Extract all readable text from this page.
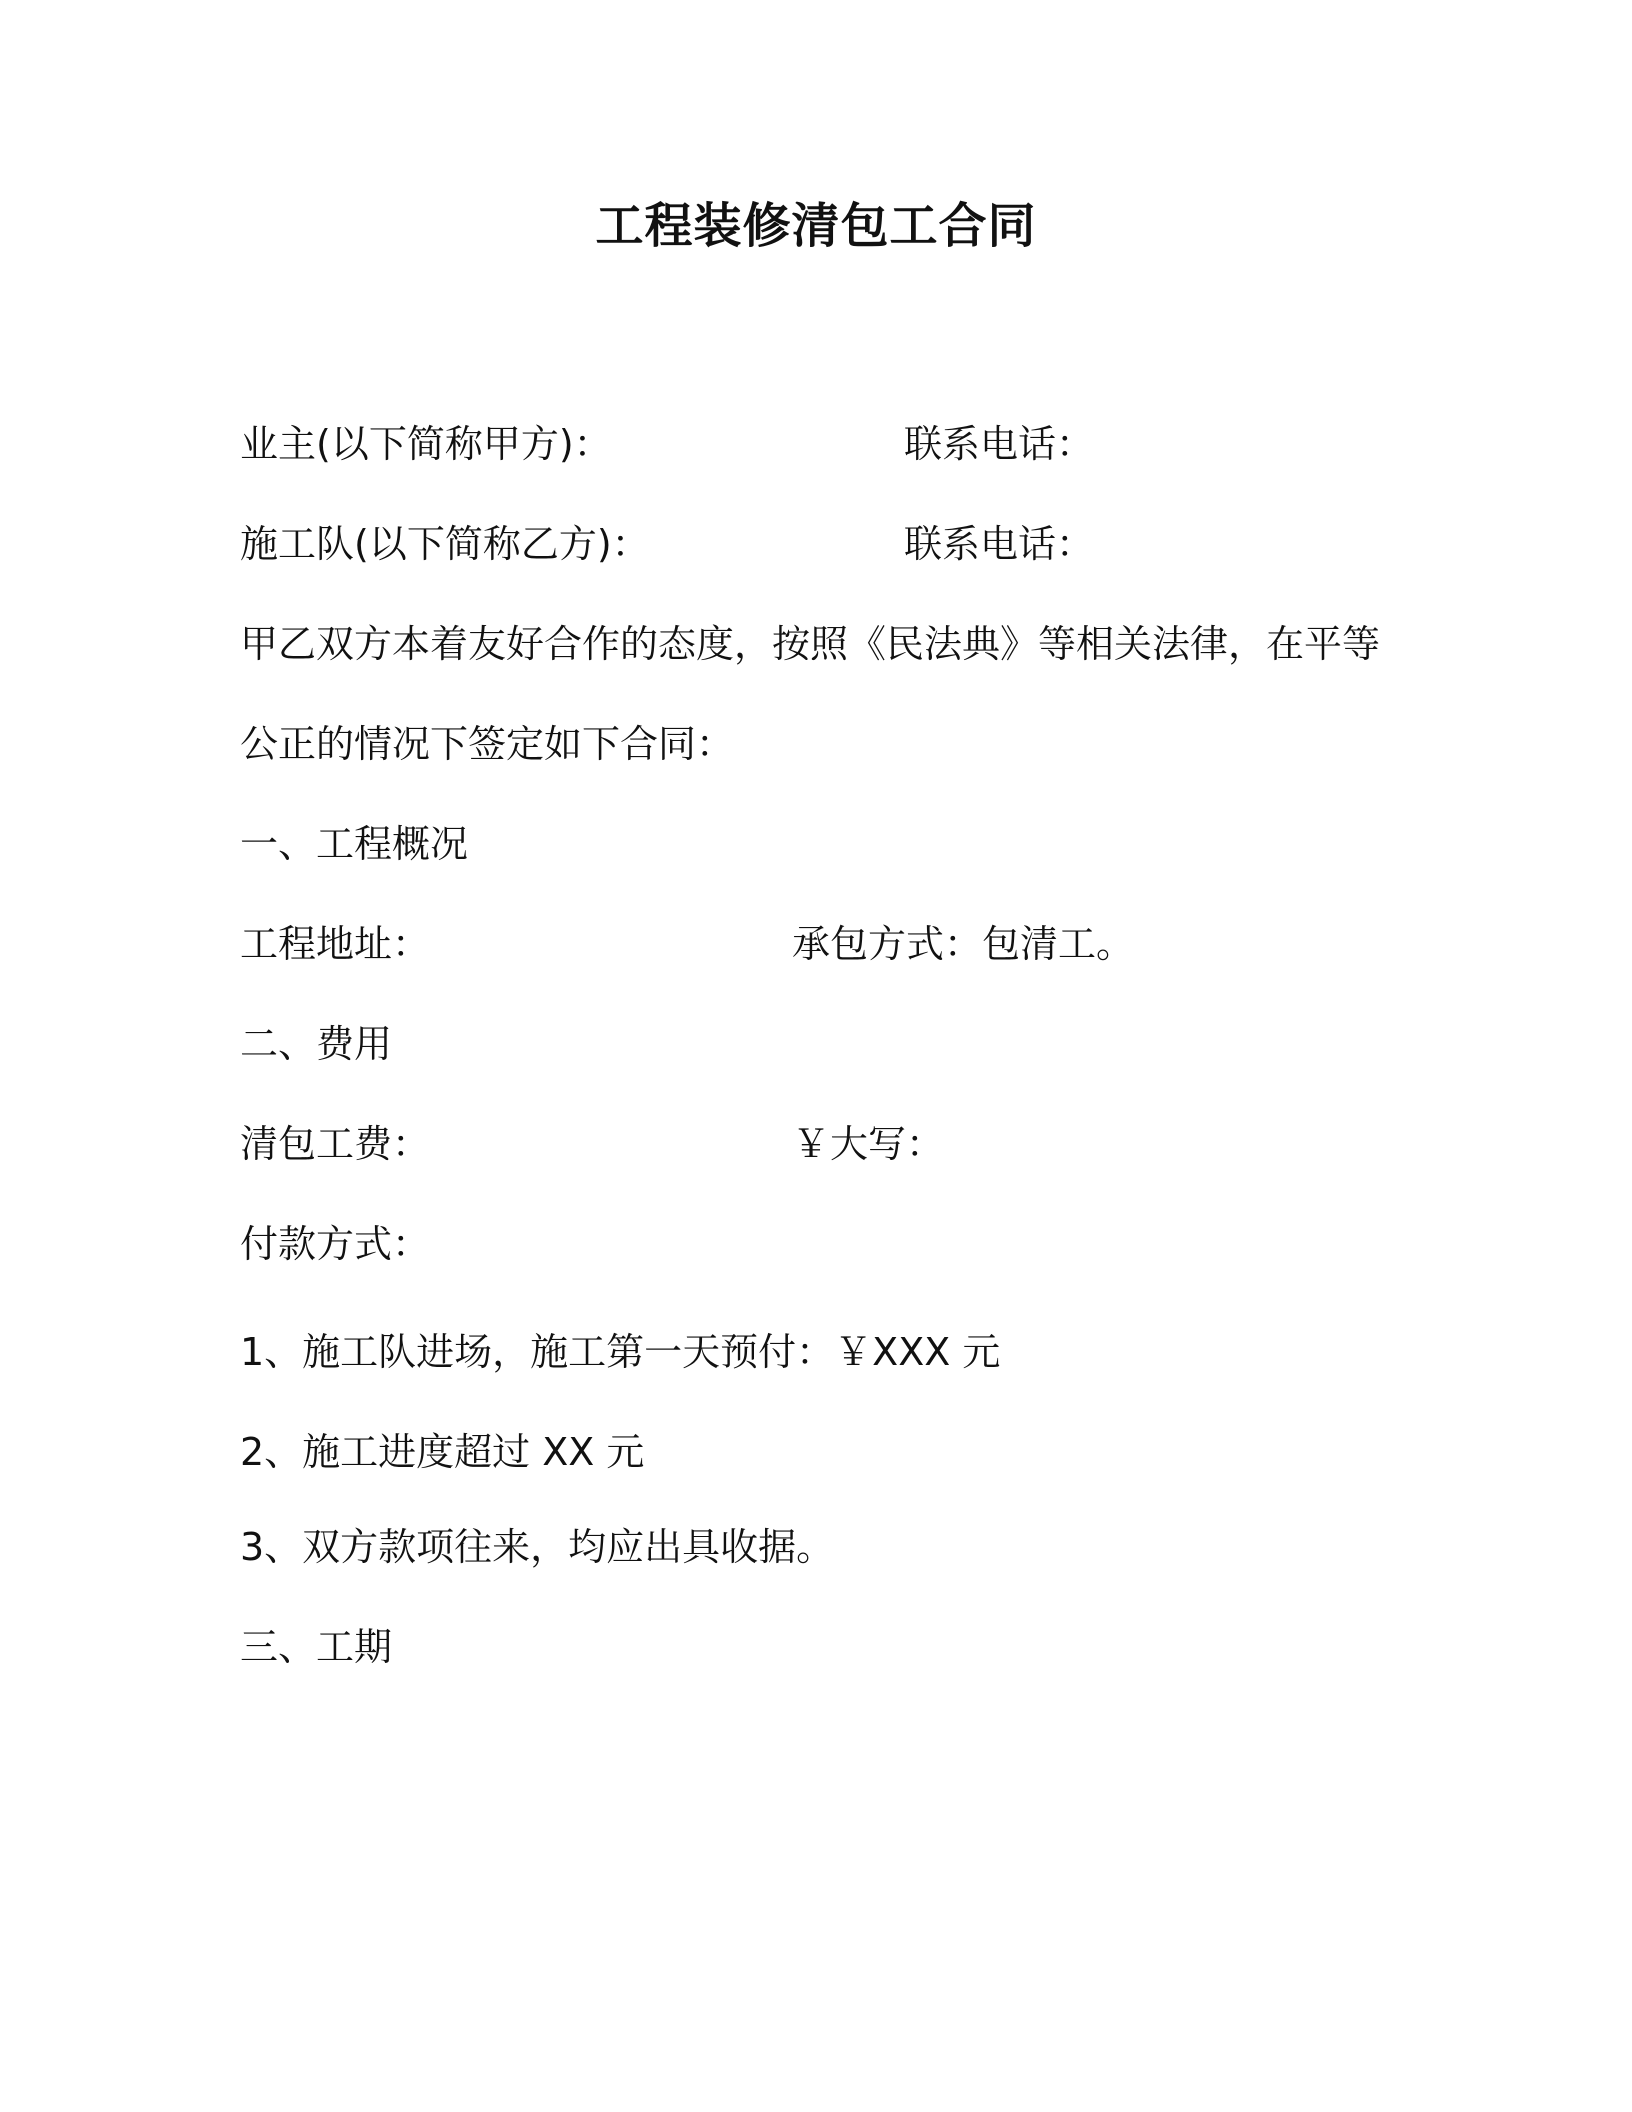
工程装修清包工合同
业主(以下简称甲方)：	联系电话：
施工队(以下简称乙方)：	联系电话：
甲乙双方本着友好合作的态度，按照《民法典》等相关法律，在平等
公正的情况下签定如下合同：
一、工程概况
工程地址：	承包方式：包清工。
二、费用
清包工费：	￥大写：
付款方式：
1、施工队进场，施工第一天预付：￥XXX 元
2、施工进度超过 XX 元
3、双方款项往来，均应出具收据。
三、工期
